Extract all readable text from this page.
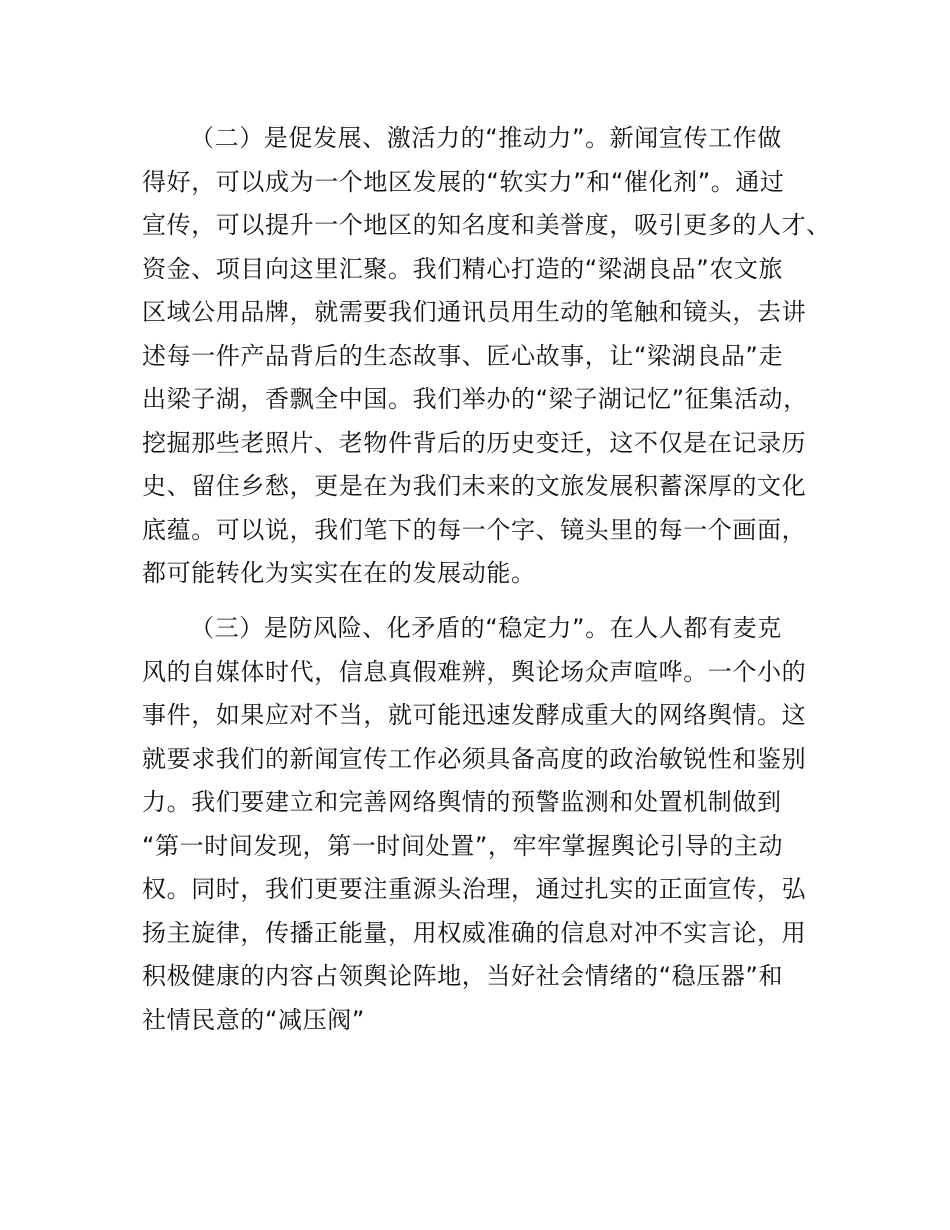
（二）是促发展、激活力的“推动力”。新闻宣传工作做
得好，可以成为一个地区发展的“软实力”和“催化剂”。通过
宣传，可以提升一个地区的知名度和美誉度，吸引更多的人才、
资金、项目向这里汇聚。我们精心打造的“梁湖良品”农文旅
区域公用品牌，就需要我们通讯员用生动的笔触和镜头，去讲
述每一件产品背后的生态故事、匠心故事，让“梁湖良品”走
出梁子湖，香飘全中国。我们举办的“梁子湖记忆”征集活动，
挖掘那些老照片、老物件背后的历史变迁，这不仅是在记录历
史、留住乡愁，更是在为我们未来的文旅发展积蓄深厚的文化
底蕴。可以说，我们笔下的每一个字、镜头里的每一个画面，
都可能转化为实实在在的发展动能。
（三）是防风险、化矛盾的“稳定力”。在人人都有麦克
风的自媒体时代，信息真假难辨，舆论场众声喧哗。一个小的
事件，如果应对不当，就可能迅速发酵成重大的网络舆情。这
就要求我们的新闻宣传工作必须具备高度的政治敏锐性和鉴别
力。我们要建立和完善网络舆情的预警监测和处置机制做到
“第一时间发现，第一时间处置”，牢牢掌握舆论引导的主动
权。同时，我们更要注重源头治理，通过扎实的正面宣传，弘
扬主旋律，传播正能量，用权威准确的信息对冲不实言论，用
积极健康的内容占领舆论阵地，当好社会情绪的“稳压器”和
社情民意的“减压阀”
